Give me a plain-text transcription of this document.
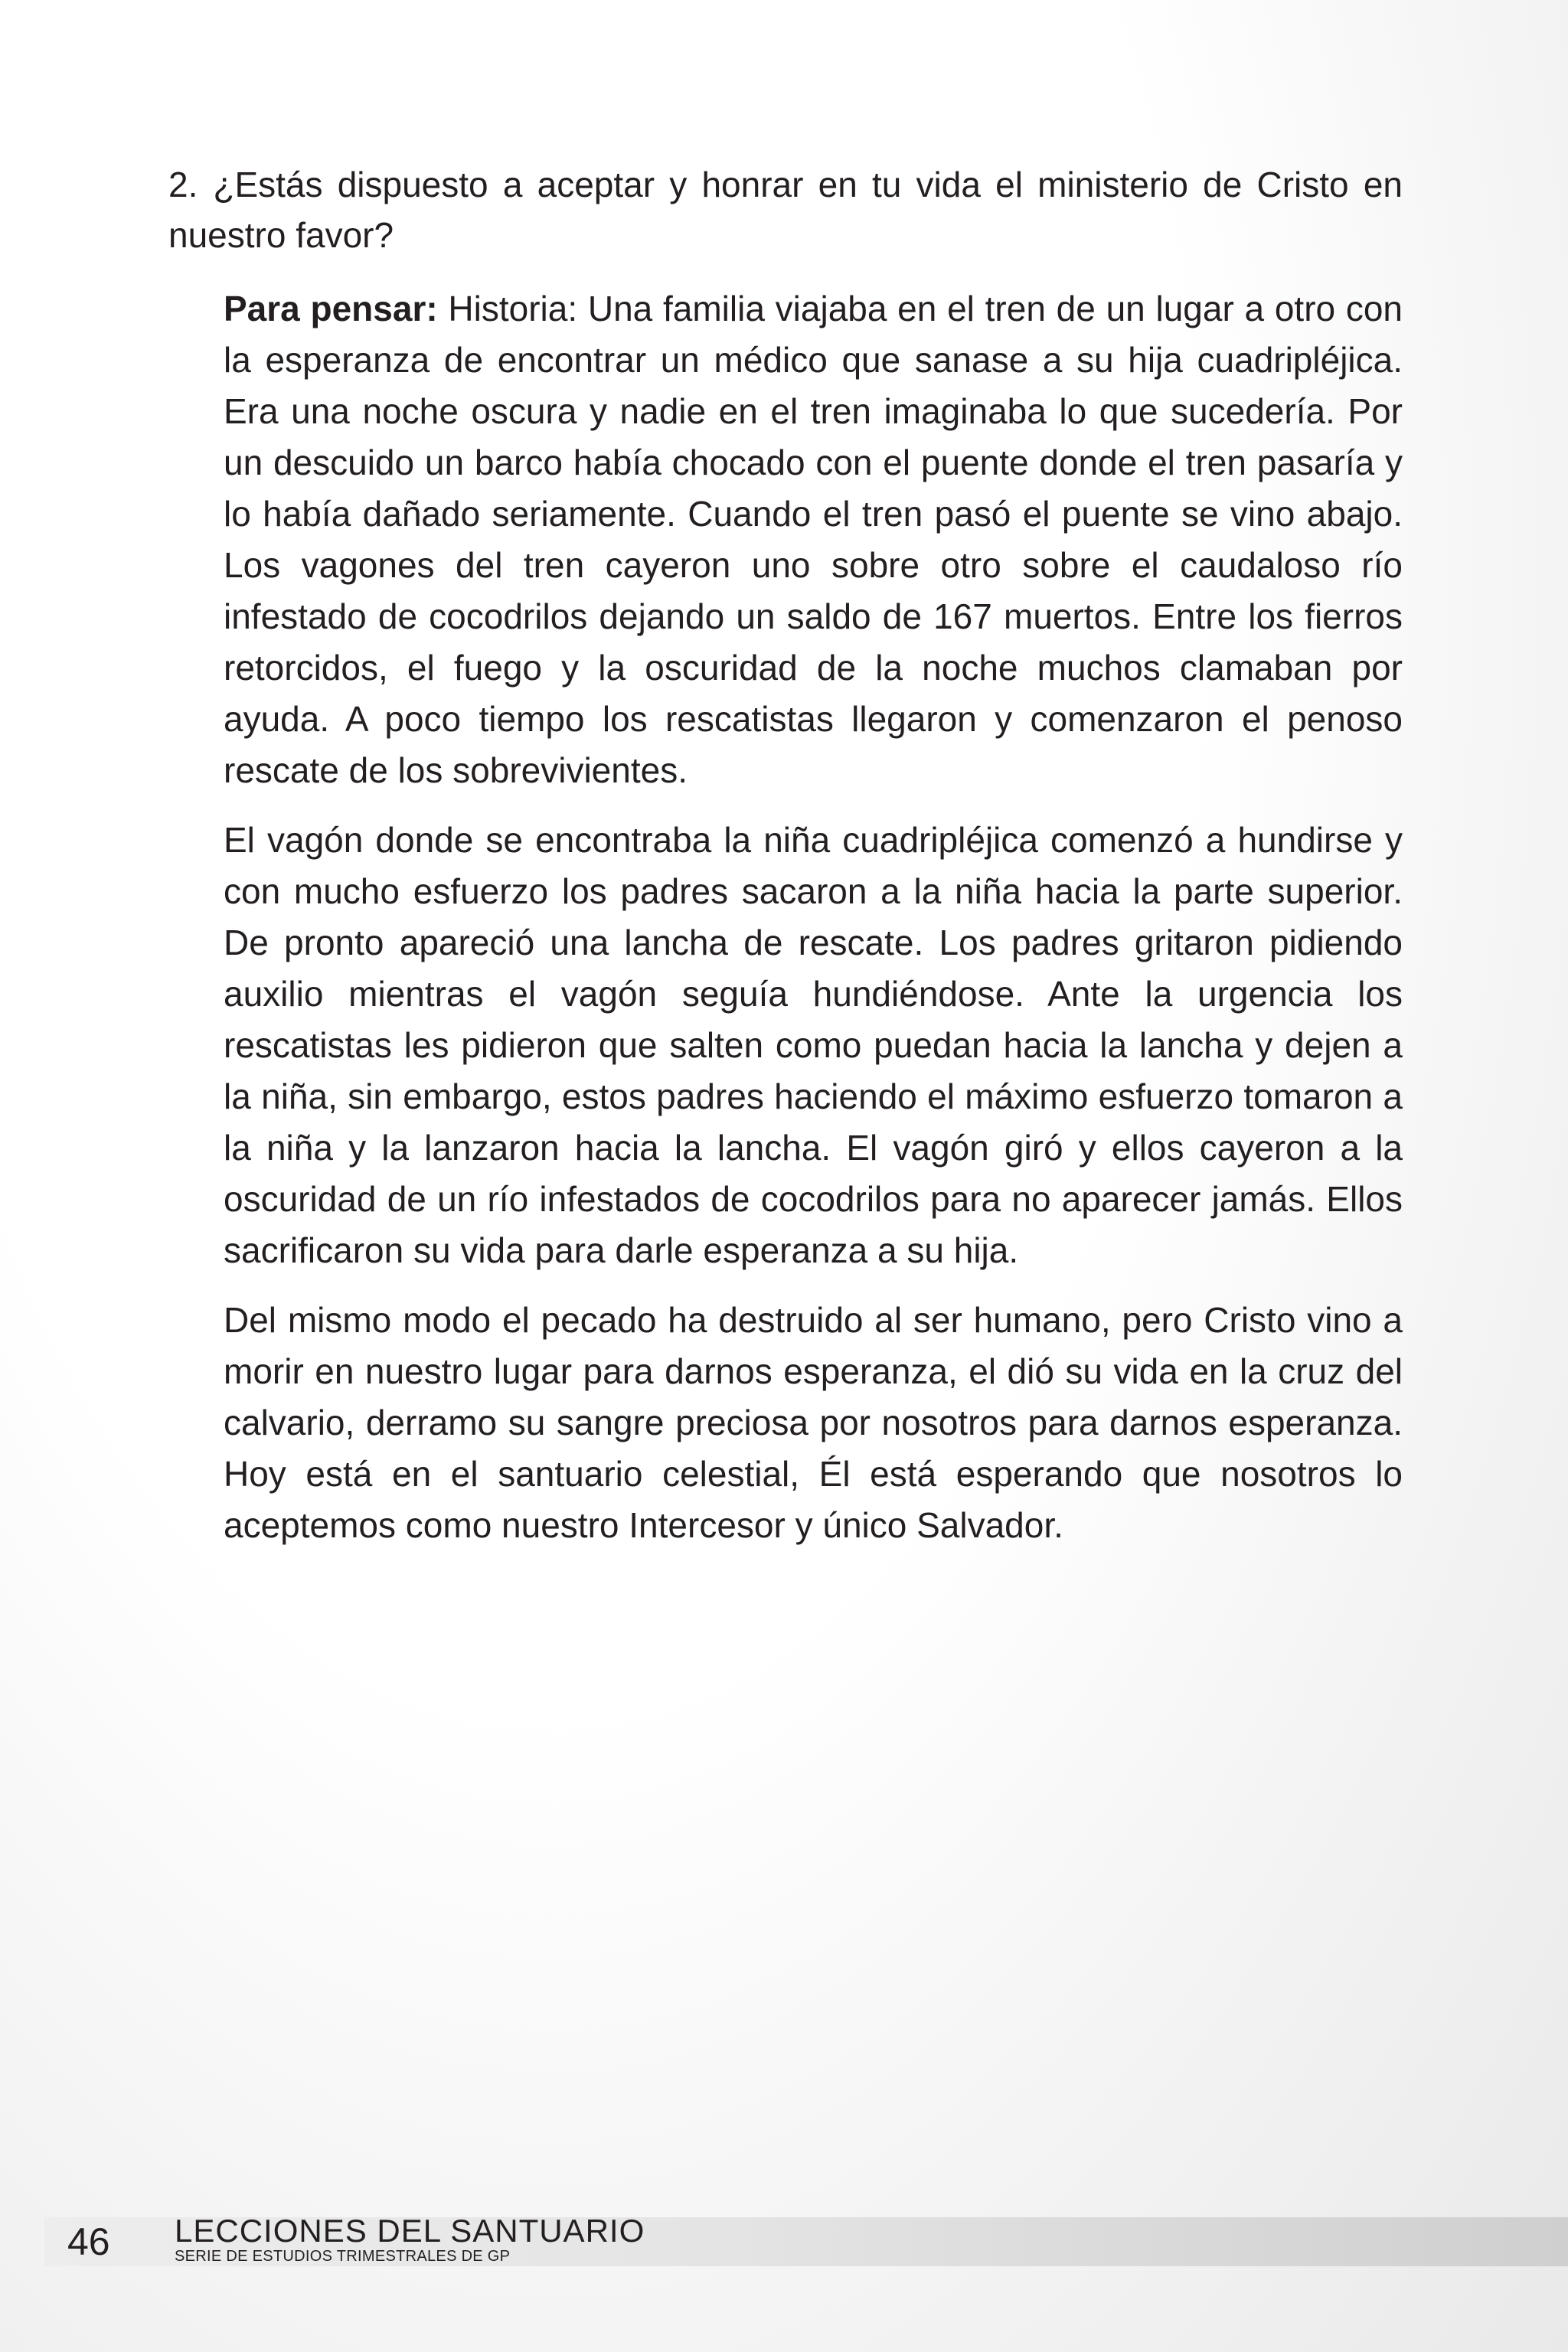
2. ¿Estás dispuesto a aceptar y honrar en tu vida el ministerio de Cristo en nuestro favor?

Para pensar: Historia: Una familia viajaba en el tren de un lugar a otro con la esperanza de encontrar un médico que sanase a su hija cuadripléjica. Era una noche oscura y nadie en el tren imaginaba lo que sucedería. Por un descuido un barco había chocado con el puente donde el tren pasaría y lo había dañado seriamente. Cuando el tren pasó el puente se vino abajo. Los vagones del tren cayeron uno sobre otro sobre el caudaloso río infestado de cocodrilos dejando un saldo de 167 muertos. Entre los fierros retorcidos, el fuego y la oscuridad de la noche muchos clamaban por ayuda. A poco tiempo los rescatistas llegaron y comenzaron el penoso rescate de los sobrevivientes.

El vagón donde se encontraba la niña cuadripléjica comenzó a hundirse y con mucho esfuerzo los padres sacaron a la niña hacia la parte superior. De pronto apareció una lancha de rescate. Los padres gritaron pidiendo auxilio mientras el vagón seguía hundiéndose. Ante la urgencia los rescatistas les pidieron que salten como puedan hacia la lancha y dejen a la niña, sin embargo, estos padres haciendo el máximo esfuerzo tomaron a la niña y la lanzaron hacia la lancha. El vagón giró y ellos cayeron a la oscuridad de un río infestados de cocodrilos para no aparecer jamás. Ellos sacrificaron su vida para darle esperanza a su hija.

Del mismo modo el pecado ha destruido al ser humano, pero Cristo vino a morir en nuestro lugar para darnos esperanza, el dió su vida en la cruz del calvario, derramo su sangre preciosa por nosotros para darnos esperanza. Hoy está en el santuario celestial, Él está esperando que nosotros lo aceptemos como nuestro Intercesor y único Salvador.

46 LECCIONES DEL SANTUARIO
SERIE DE ESTUDIOS TRIMESTRALES DE GP
